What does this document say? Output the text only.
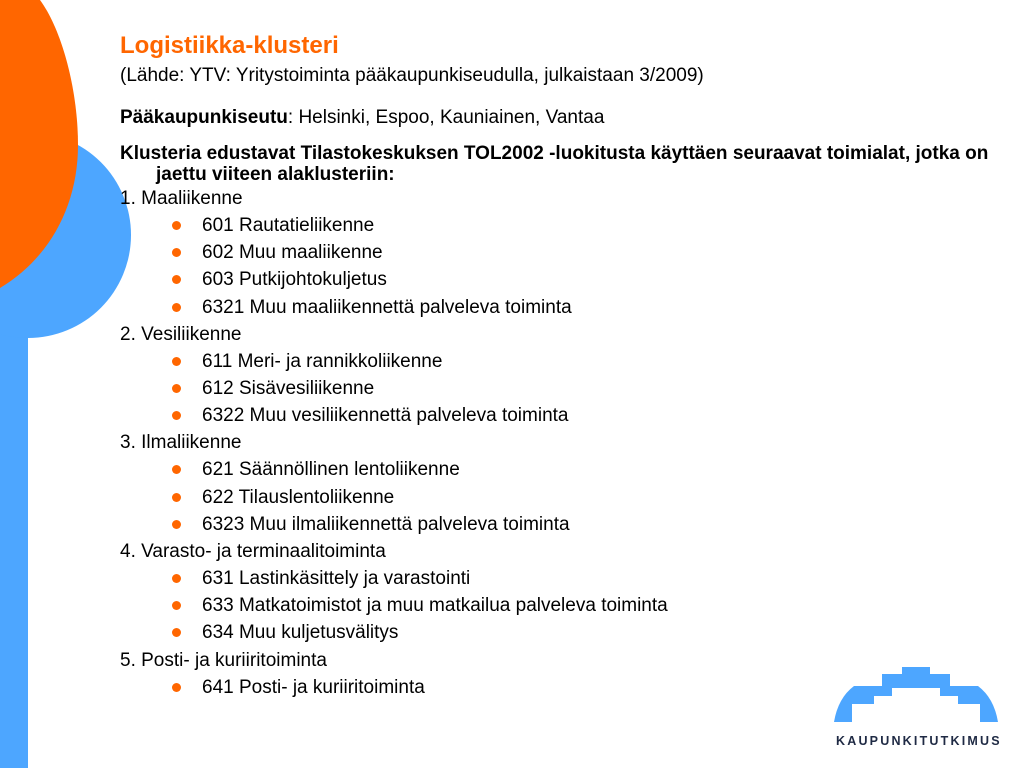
Logistiikka-klusteri
(Lähde: YTV: Yritystoiminta pääkaupunkiseudulla, julkaistaan 3/2009)
Pääkaupunkiseutu: Helsinki, Espoo, Kauniainen, Vantaa
Klusteria edustavat Tilastokeskuksen TOL2002 -luokitusta käyttäen seuraavat toimialat, jotka on jaettu viiteen alaklusteriin:
1. Maaliikenne
601 Rautatieliikenne
602 Muu maaliikenne
603 Putkijohtokuljetus
6321 Muu maaliikennettä palveleva toiminta
2. Vesiliikenne
611 Meri- ja rannikkoliikenne
612 Sisävesiliikenne
6322 Muu vesiliikennettä palveleva toiminta
3. Ilmaliikenne
621 Säännöllinen lentoliikenne
622 Tilauslentoliikenne
6323 Muu ilmaliikennettä palveleva toiminta
4. Varasto- ja terminaalitoiminta
631 Lastinkäsittely ja varastointi
633 Matkatoimistot ja muu matkailua palveleva toiminta
634 Muu kuljetusvälitys
5. Posti- ja kuriiritoiminta
641 Posti- ja kuriiritoiminta
KAUPUNKITUTKIMUS
